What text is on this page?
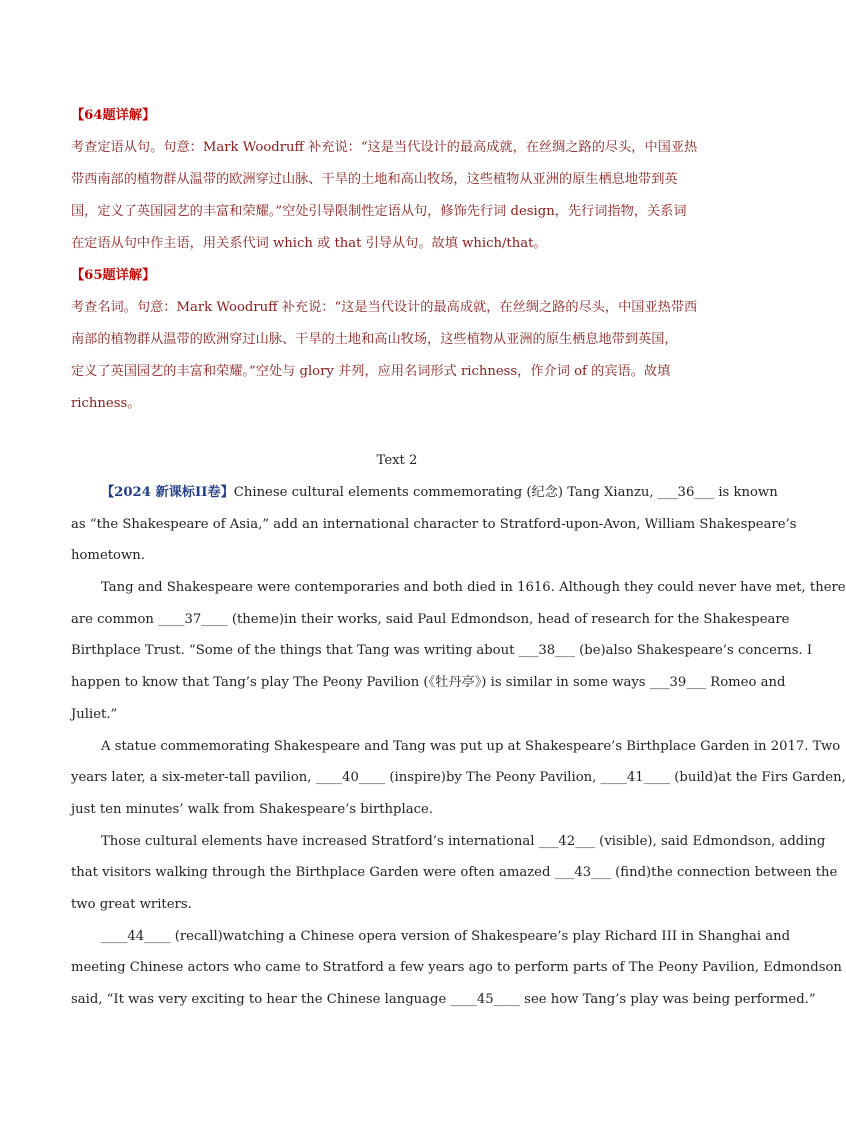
【64题详解】
考查定语从句。句意：Mark Woodruff 补充说：“这是当代设计的最高成就，在丝绸之路的尽头，中国亚热
带西南部的植物群从温带的欧洲穿过山脉、干旱的土地和高山牧场，这些植物从亚洲的原生栖息地带到英
国，定义了英国园艺的丰富和荣耀。”空处引导限制性定语从句，修饰先行词 design，先行词指物，关系词
在定语从句中作主语，用关系代词 which 或 that 引导从句。故填 which/that。
【65题详解】
考查名词。句意：Mark Woodruff 补充说：“这是当代设计的最高成就，在丝绸之路的尽头，中国亚热带西
南部的植物群从温带的欧洲穿过山脉、干旱的土地和高山牧场，这些植物从亚洲的原生栖息地带到英国，
定义了英国园艺的丰富和荣耀。”空处与 glory 并列，应用名词形式 richness，作介词 of 的宾语。故填
richness。
Text 2
【2024 新课标ⅠⅠ卷】Chinese cultural elements commemorating (纪念) Tang Xianzu, ___36___ is known
as “the Shakespeare of Asia,” add an international character to Stratford-upon-Avon, William Shakespeare’s
hometown.
Tang and Shakespeare were contemporaries and both died in 1616. Although they could never have met, there
are common ____37____ (theme)in their works, said Paul Edmondson, head of research for the Shakespeare
Birthplace Trust. “Some of the things that Tang was writing about ___38___ (be)also Shakespeare’s concerns. I
happen to know that Tang’s play The Peony Pavilion (《牡丹亭》) is similar in some ways ___39___ Romeo and
Juliet.”
A statue commemorating Shakespeare and Tang was put up at Shakespeare’s Birthplace Garden in 2017. Two
years later, a six-meter-tall pavilion, ____40____ (inspire)by The Peony Pavilion, ____41____ (build)at the Firs Garden,
just ten minutes’ walk from Shakespeare’s birthplace.
Those cultural elements have increased Stratford’s international ___42___ (visible), said Edmondson, adding
that visitors walking through the Birthplace Garden were often amazed ___43___ (find)the connection between the
two great writers.
____44____ (recall)watching a Chinese opera version of Shakespeare’s play Richard III in Shanghai and
meeting Chinese actors who came to Stratford a few years ago to perform parts of The Peony Pavilion, Edmondson
said, “It was very exciting to hear the Chinese language ____45____ see how Tang’s play was being performed.”
